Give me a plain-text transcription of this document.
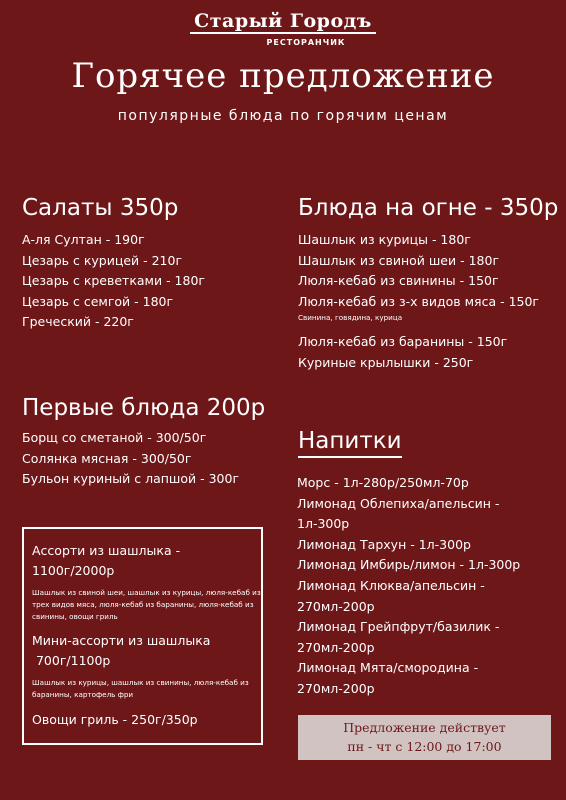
Старый Городъ
РЕСТОРАНЧИК
Горячее предложение
популярные блюда по горячим ценам
Салаты 350р
А-ля Султан - 190г
Цезарь с курицей - 210г
Цезарь с креветками - 180г
Цезарь с семгой - 180г
Греческий - 220г
Первые блюда 200р
Борщ со сметаной - 300/50г
Солянка мясная - 300/50г
Бульон куриный с лапшой - 300г
Блюда на огне - 350р
Шашлык из курицы - 180г
Шашлык из свиной шеи - 180г
Люля-кебаб из свинины - 150г
Люля-кебаб из з-х видов мяса - 150г
Свинина, говядина, курица
Люля-кебаб из баранины - 150г
Куриные крылышки - 250г
Напитки
Морс - 1л-280р/250мл-70р
Лимонад Облепиха/апельсин -
1л-300р
Лимонад Тархун - 1л-300р
Лимонад Имбирь/лимон - 1л-300р
Лимонад Клюква/апельсин -
270мл-200р
Лимонад Грейпфрут/базилик -
270мл-200р
Лимонад Мята/смородина -
270мл-200р
Ассорти из шашлыка - 1100г/2000р
Шашлык из свиной шеи, шашлык из курицы, люля-кебаб из трех видов мяса, люля-кебаб из баранины, люля-кебаб из свинины, овощи гриль
Мини-ассорти из шашлыка
700г/1100р
Шашлык из курицы, шашлык из свинины, люля-кебаб из баранины, картофель фри
Овощи гриль - 250г/350р
Предложение действует
пн - чт с 12:00 до 17:00
